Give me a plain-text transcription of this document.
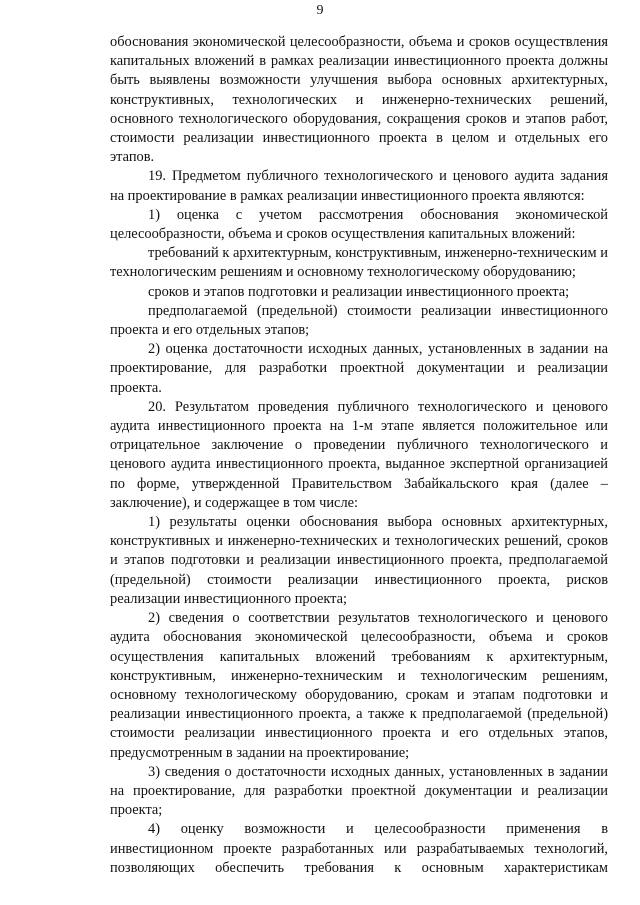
9

обоснования экономической целесообразности, объема и сроков осуществления капитальных вложений в рамках реализации инвестиционного проекта должны быть выявлены возможности улучшения выбора основных архитектурных, конструктивных, технологических и инженерно-технических решений, основного технологического оборудования, сокращения сроков и этапов работ, стоимости реализации инвестиционного проекта в целом и отдельных его этапов.

19. Предметом публичного технологического и ценового аудита задания на проектирование в рамках реализации инвестиционного проекта являются:

1) оценка с учетом рассмотрения обоснования экономической целесообразности, объема и сроков осуществления капитальных вложений:

требований к архитектурным, конструктивным, инженерно-техническим и технологическим решениям и основному технологическому оборудованию;

сроков и этапов подготовки и реализации инвестиционного проекта;

предполагаемой (предельной) стоимости реализации инвестиционного проекта и его отдельных этапов;

2) оценка достаточности исходных данных, установленных в задании на проектирование, для разработки проектной документации и реализации проекта.

20. Результатом проведения публичного технологического и ценового аудита инвестиционного проекта на 1-м этапе является положительное или отрицательное заключение о проведении публичного технологического и ценового аудита инвестиционного проекта, выданное экспертной организацией по форме, утвержденной Правительством Забайкальского края (далее – заключение), и содержащее в том числе:

1) результаты оценки обоснования выбора основных архитектурных, конструктивных и инженерно-технических и технологических решений, сроков и этапов подготовки и реализации инвестиционного проекта, предполагаемой (предельной) стоимости реализации инвестиционного проекта, рисков реализации инвестиционного проекта;

2) сведения о соответствии результатов технологического и ценового аудита обоснования экономической целесообразности, объема и сроков осуществления капитальных вложений требованиям к архитектурным, конструктивным, инженерно-техническим и технологическим решениям, основному технологическому оборудованию, срокам и этапам подготовки и реализации инвестиционного проекта, а также к предполагаемой (предельной) стоимости реализации инвестиционного проекта и его отдельных этапов, предусмотренным в задании на проектирование;

3) сведения о достаточности исходных данных, установленных в задании на проектирование, для разработки проектной документации и реализации проекта;

4) оценку возможности и целесообразности применения в инвестиционном проекте разработанных или разрабатываемых технологий, позволяющих обеспечить требования к основным характеристикам
